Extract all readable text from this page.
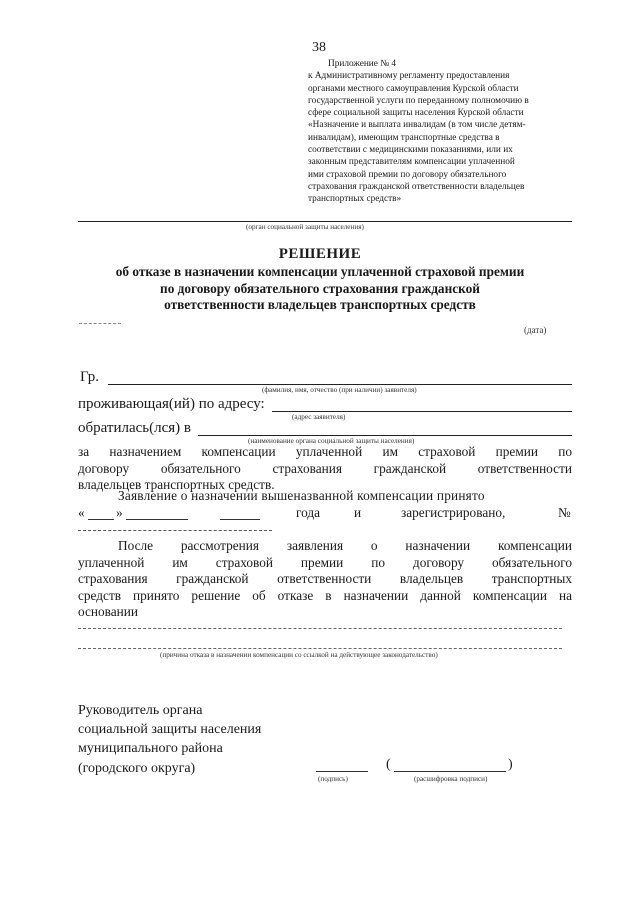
38
Приложение № 4
к Административному регламенту предоставления
органами местного самоуправления Курской области
государственной услуги по переданному полномочию в
сфере социальной защиты населения Курской области
«Назначение и выплата инвалидам (в том числе детям-
инвалидам), имеющим транспортные средства в
соответствии с медицинскими показаниями, или их
законным представителям компенсации уплаченной
ими страховой премии по договору обязательного
страхования гражданской ответственности владельцев
транспортных средств»
(орган социальной защиты населения)
РЕШЕНИЕ
об отказе в назначении компенсации уплаченной страховой премии
по договору обязательного страхования гражданской
ответственности владельцев транспортных средств
(дата)
Гр.
(фамилия, имя, отчество (при наличии) заявителя)
проживающая(ий) по адресу:
(адрес заявителя)
обратилась(лся) в
(наименование органа социальной защиты населения)
за назначением компенсации уплаченной им страховой премии по
договору обязательного страхования гражданской ответственности
владельцев транспортных средств.
Заявление о назначении вышеназванной компенсации принято
« »	года	и	зарегистрировано,	№
После рассмотрения заявления о назначении компенсации
уплаченной им страховой премии по договору обязательного
страхования гражданской ответственности владельцев транспортных
средств принято решение об отказе в назначении данной компенсации на
основании
(причина отказа в назначении компенсации со ссылкой на действующее законодательство)
Руководитель органа
социальной защиты населения
муниципального района
(городского округа)
(подпись)
(	)
(расшифровка подписи)
